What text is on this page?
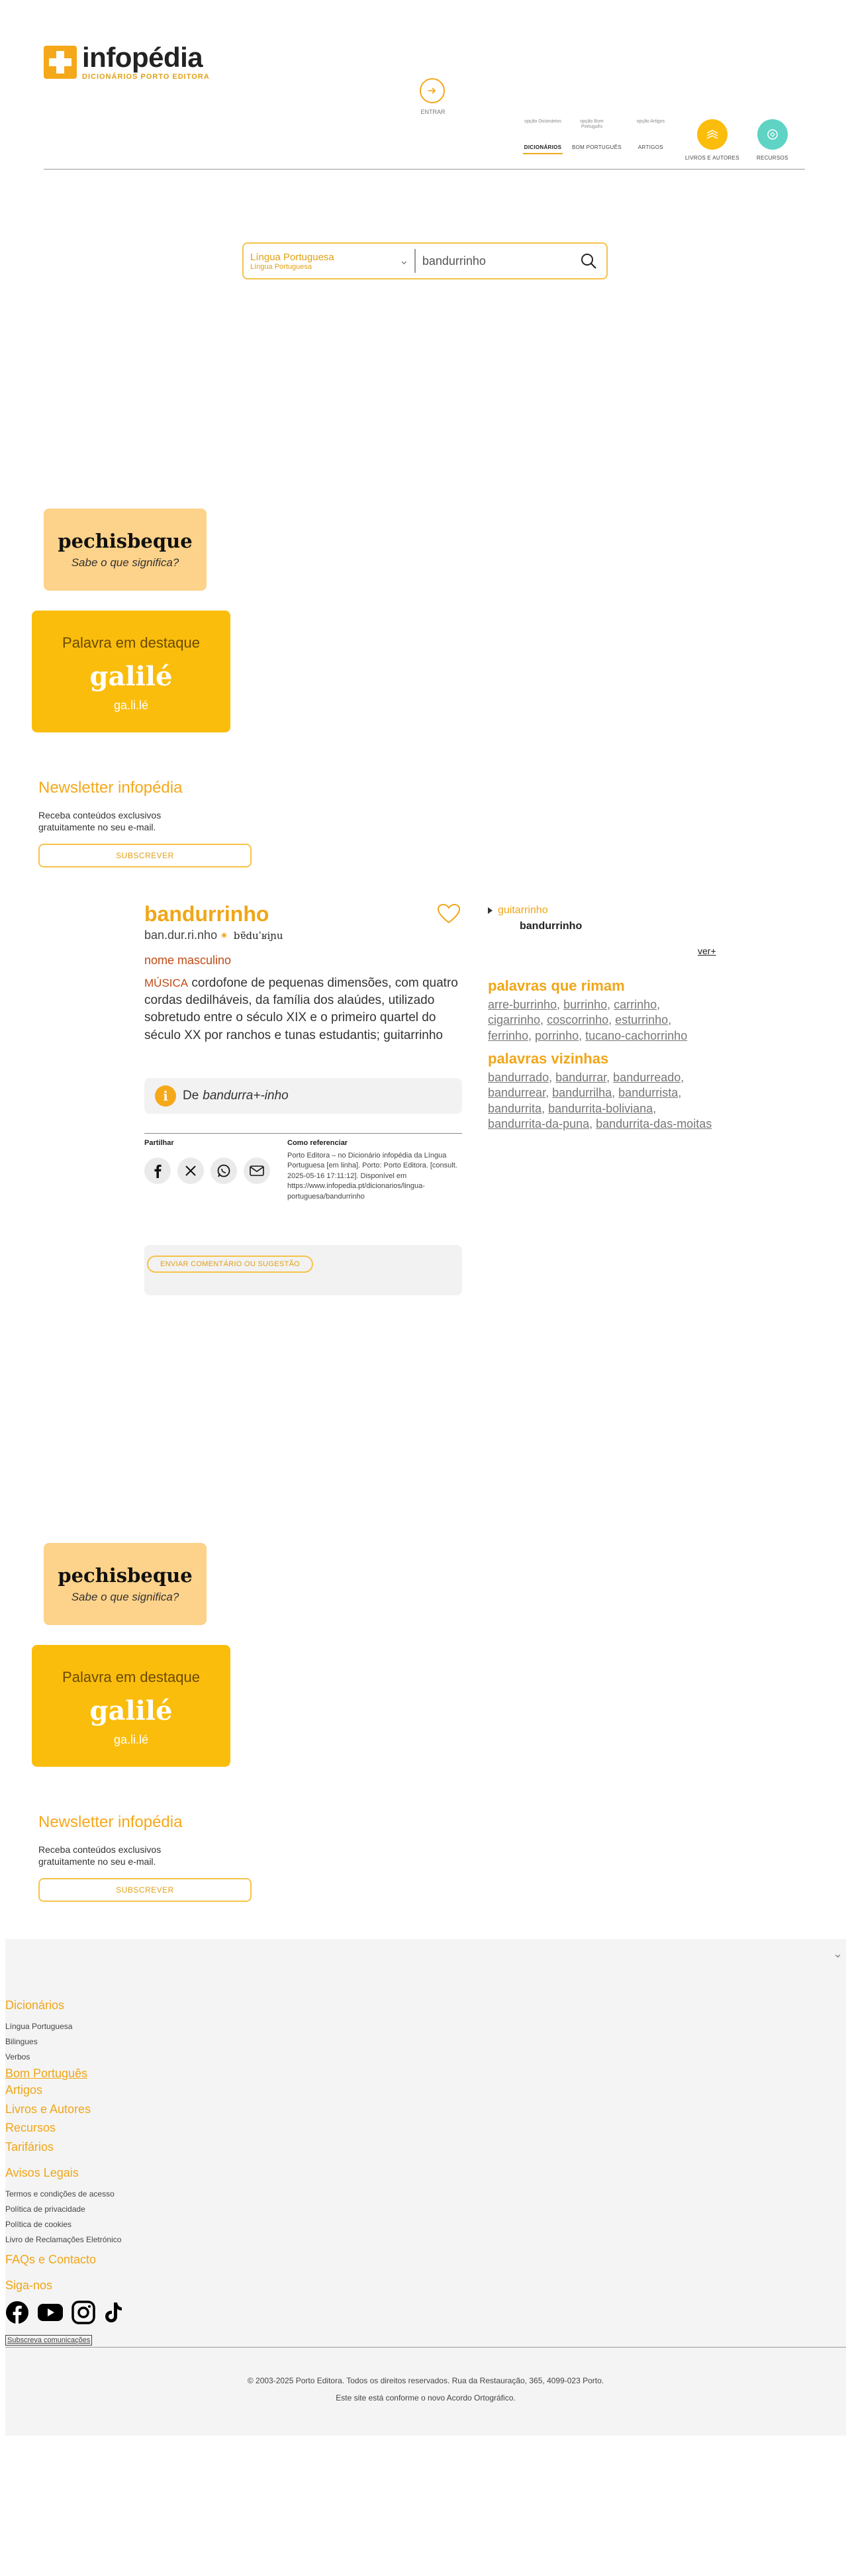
infopédia
DICIONÁRIOS PORTO EDITORA
ENTRAR
opção Dicionários
DICIONÁRIOS
opção Bom Português
BOM PORTUGUÊS
opção Artigos
ARTIGOS
LIVROS E AUTORES	RECURSOS
Língua Portuguesa
Língua Portuguesa	⌄
bandurrinho
pechisbeque
Sabe o que significa?
Palavra em destaque
galilé
ga.li.lé
Newsletter infopédia
Receba conteúdos exclusivos gratuitamente no seu e-mail.
SUBSCREVER
bandurrinho
ban.dur.ri.nho ◉ bɐ̃duˈʁiɲu
nome masculino
MÚSICA cordofone de pequenas dimensões, com quatro cordas dedilháveis, da família dos alaúdes, utilizado sobretudo entre o século XIX e o primeiro quartel do século XX por ranchos e tunas estudantis; guitarrinho
i	De bandurra+-inho
Partilhar	Como referenciar
Porto Editora – no Dicionário infopédia da Língua Portuguesa [em linha]. Porto: Porto Editora. [consult. 2025-05-16 17:11:12]. Disponível em https://www.infopedia.pt/dicionarios/lingua-portuguesa/bandurrinho
ENVIAR COMENTÁRIO OU SUGESTÃO
guitarrinho
bandurrinho
ver+
palavras que rimam
arre-burrinho, burrinho, carrinho, cigarrinho, coscorrinho, esturrinho, ferrinho, porrinho, tucano-cachorrinho
palavras vizinhas
bandurrado, bandurrar, bandurreado, bandurrear, bandurrilha, bandurrista, bandurrita, bandurrita-boliviana, bandurrita-da-puna, bandurrita-das-moitas
pechisbeque
Sabe o que significa?
Palavra em destaque
galilé
ga.li.lé
Newsletter infopédia
Receba conteúdos exclusivos gratuitamente no seu e-mail.
SUBSCREVER
⌄
Dicionários
Língua Portuguesa
Bilingues
Verbos
Bom Português
Artigos
Livros e Autores
Recursos
Tarifários
Avisos Legais
Termos e condições de acesso
Política de privacidade
Política de cookies
Livro de Reclamações Eletrónico
FAQs e Contacto
Siga-nos
Subscreva comunicações
© 2003-2025 Porto Editora. Todos os direitos reservados. Rua da Restauração, 365, 4099-023 Porto.
Este site está conforme o novo Acordo Ortográfico.
